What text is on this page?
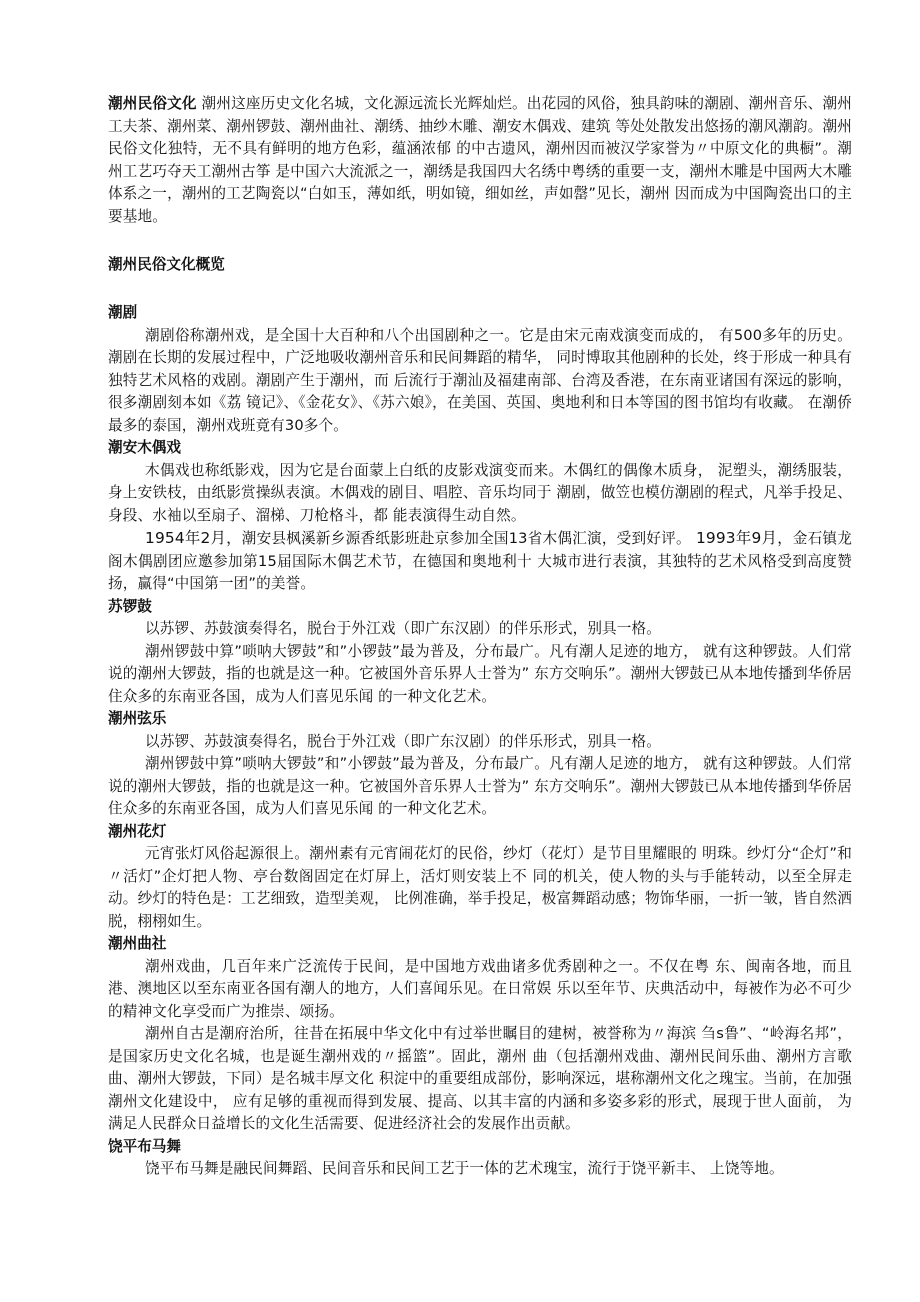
潮州民俗文化 潮州这座历史文化名城，文化源远流长光辉灿烂。出花园的风俗，独具韵味的潮剧、潮州音乐、潮州工夫茶、潮州菜、潮州锣鼓、潮州曲社、潮绣、抽纱木雕、潮安木偶戏、建筑 等处处散发出悠扬的潮风潮韵。潮州民俗文化独特，无不具有鲜明的地方色彩，蕴涵浓郁 的中古遗风，潮州因而被汉学家誉为〃中原文化的典橱”。潮州工艺巧夺天工潮州古筝 是中国六大流派之一，潮绣是我国四大名绣中粤绣的重要一支，潮州木雕是中国两大木雕 体系之一，潮州的工艺陶瓷以“白如玉，薄如纸，明如镜，细如丝，声如罄”见长，潮州 因而成为中国陶瓷出口的主要基地。

潮州民俗文化概览

潮剧

潮剧俗称潮州戏，是全国十大百种和八个出国剧种之一。它是由宋元南戏演变而成的， 有500多年的历史。潮剧在长期的发展过程中，广泛地吸收潮州音乐和民间舞蹈的精华， 同时博取其他剧种的长处，终于形成一种具有独特艺术风格的戏剧。潮剧产生于潮州，而 后流行于潮汕及福建南部、台湾及香港，在东南亚诸国有深远的影响，很多潮剧刻本如《荔 镜记》、《金花女》、《苏六娘》，在美国、英国、奥地利和日本等国的图书馆均有收藏。 在潮侨最多的泰国，潮州戏班竟有30多个。

潮安木偶戏

木偶戏也称纸影戏，因为它是台面蒙上白纸的皮影戏演变而来。木偶红的偶像木质身， 泥塑头，潮绣服装，身上安铁枝，由纸影赏操纵表演。木偶戏的剧目、唱腔、音乐均同于 潮剧，做笠也模仿潮剧的程式，凡举手投足、身段、水袖以至扇子、溜梯、刀枪格斗，都 能表演得生动自然。

1954年2月，潮安县枫溪新乡源香纸影班赴京参加全国13省木偶汇演，受到好评。 1993年9月，金石镇龙阁木偶剧团应邀参加第15届国际木偶艺术节，在德国和奥地利十 大城市进行表演，其独特的艺术风格受到高度赞扬，赢得“中国第一团”的美誉。

苏锣鼓

以苏锣、苏鼓演奏得名，脱台于外江戏（即广东汉剧）的伴乐形式，别具一格。

潮州锣鼓中算”唢呐大锣鼓”和”小锣鼓”最为普及，分布最广。凡有潮人足迹的地方， 就有这种锣鼓。人们常说的潮州大锣鼓，指的也就是这一种。它被国外音乐界人士誉为” 东方交响乐”。潮州大锣鼓已从本地传播到华侨居住众多的东南亚各国，成为人们喜见乐闻 的一种文化艺术。

潮州弦乐

以苏锣、苏鼓演奏得名，脱台于外江戏（即广东汉剧）的伴乐形式，别具一格。

潮州锣鼓中算”唢呐大锣鼓”和”小锣鼓”最为普及，分布最广。凡有潮人足迹的地方， 就有这种锣鼓。人们常说的潮州大锣鼓，指的也就是这一种。它被国外音乐界人士誉为” 东方交响乐”。潮州大锣鼓已从本地传播到华侨居住众多的东南亚各国，成为人们喜见乐闻 的一种文化艺术。

潮州花灯

元宵张灯风俗起源很上。潮州素有元宵闹花灯的民俗，纱灯（花灯）是节目里耀眼的 明珠。纱灯分“企灯”和〃活灯”企灯把人物、亭台数阁固定在灯屏上，活灯则安装上不 同的机关，使人物的头与手能转动，以至全屏走动。纱灯的特色是：工艺细致，造型美观， 比例准确，举手投足，极富舞蹈动感；物饰华丽，一折一皱，皆自然洒脱，栩栩如生。

潮州曲社

潮州戏曲，几百年来广泛流传于民间，是中国地方戏曲诸多优秀剧种之一。不仅在粤 东、闽南各地，而且港、澳地区以至东南亚各国有潮人的地方，人们喜闻乐见。在日常娱 乐以至年节、庆典活动中，每被作为必不可少的精神文化享受而广为推崇、颂扬。

潮州自古是潮府治所，往昔在拓展中华文化中有过举世瞩目的建树，被誉称为〃海滨 刍s鲁”、“岭海名邦”，是国家历史文化名城，也是诞生潮州戏的〃摇篮”。固此，潮州 曲（包括潮州戏曲、潮州民间乐曲、潮州方言歌曲、潮州大锣鼓，下同）是名城丰厚文化 积淀中的重要组成部份，影响深远，堪称潮州文化之瑰宝。当前，在加强潮州文化建设中， 应有足够的重视而得到发展、提高、以其丰富的内涵和多姿多彩的形式，展现于世人面前， 为满足人民群众日益增长的文化生活需要、促进经济社会的发展作出贡献。

饶平布马舞

饶平布马舞是融民间舞蹈、民间音乐和民间工艺于一体的艺术瑰宝，流行于饶平新丰、 上饶等地。
